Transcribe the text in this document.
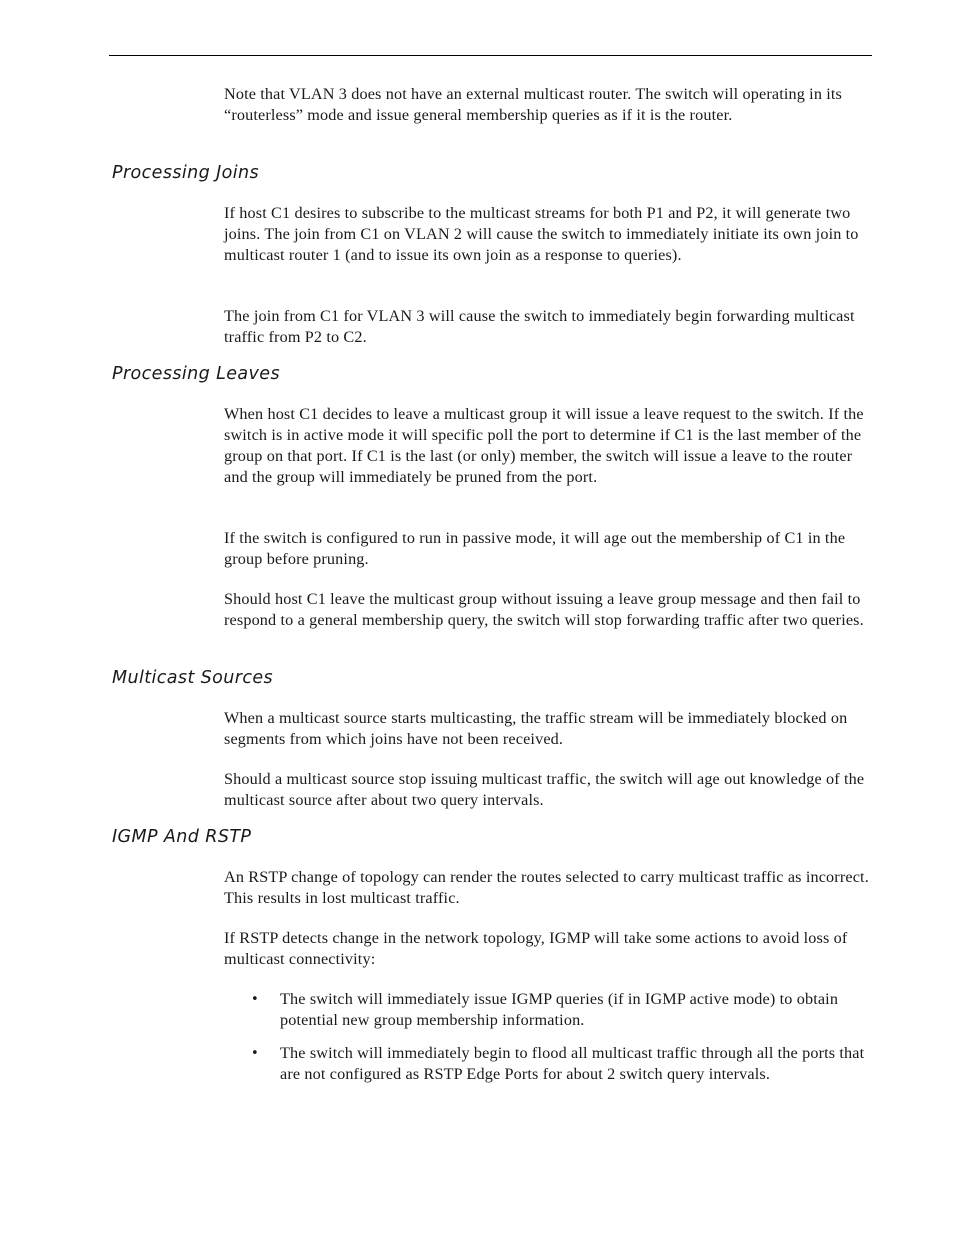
Note that VLAN 3 does not have an external multicast router. The switch will operating in its “routerless” mode and issue general membership queries as if it is the router.

Processing Joins

If host C1 desires to subscribe to the multicast streams for both P1 and P2, it will generate two joins. The join from C1 on VLAN 2 will cause the switch to immediately initiate its own join to multicast router 1 (and to issue its own join as a response to queries).

The join from C1 for VLAN 3 will cause the switch to immediately begin forwarding multicast traffic from P2 to C2.

Processing Leaves

When host C1 decides to leave a multicast group it will issue a leave request to the switch. If the switch is in active mode it will specific poll the port to determine if C1 is the last member of the group on that port. If C1 is the last (or only) member, the switch will issue a leave to the router and the group will immediately be pruned from the port.

If the switch is configured to run in passive mode, it will age out the membership of C1 in the group before pruning.

Should host C1 leave the multicast group without issuing a leave group message and then fail to respond to a general membership query, the switch will stop forwarding traffic after two queries.

Multicast Sources

When a multicast source starts multicasting, the traffic stream will be immediately blocked on segments from which joins have not been received.

Should a multicast source stop issuing multicast traffic, the switch will age out knowledge of the multicast source after about two query intervals.

IGMP And RSTP

An RSTP change of topology can render the routes selected to carry multicast traffic as incorrect. This results in lost multicast traffic.

If RSTP detects change in the network topology, IGMP will take some actions to avoid loss of multicast connectivity:

•	The switch will immediately issue IGMP queries (if in IGMP active mode) to obtain potential new group membership information.

•	The switch will immediately begin to flood all multicast traffic through all the ports that are not configured as RSTP Edge Ports for about 2 switch query intervals.
